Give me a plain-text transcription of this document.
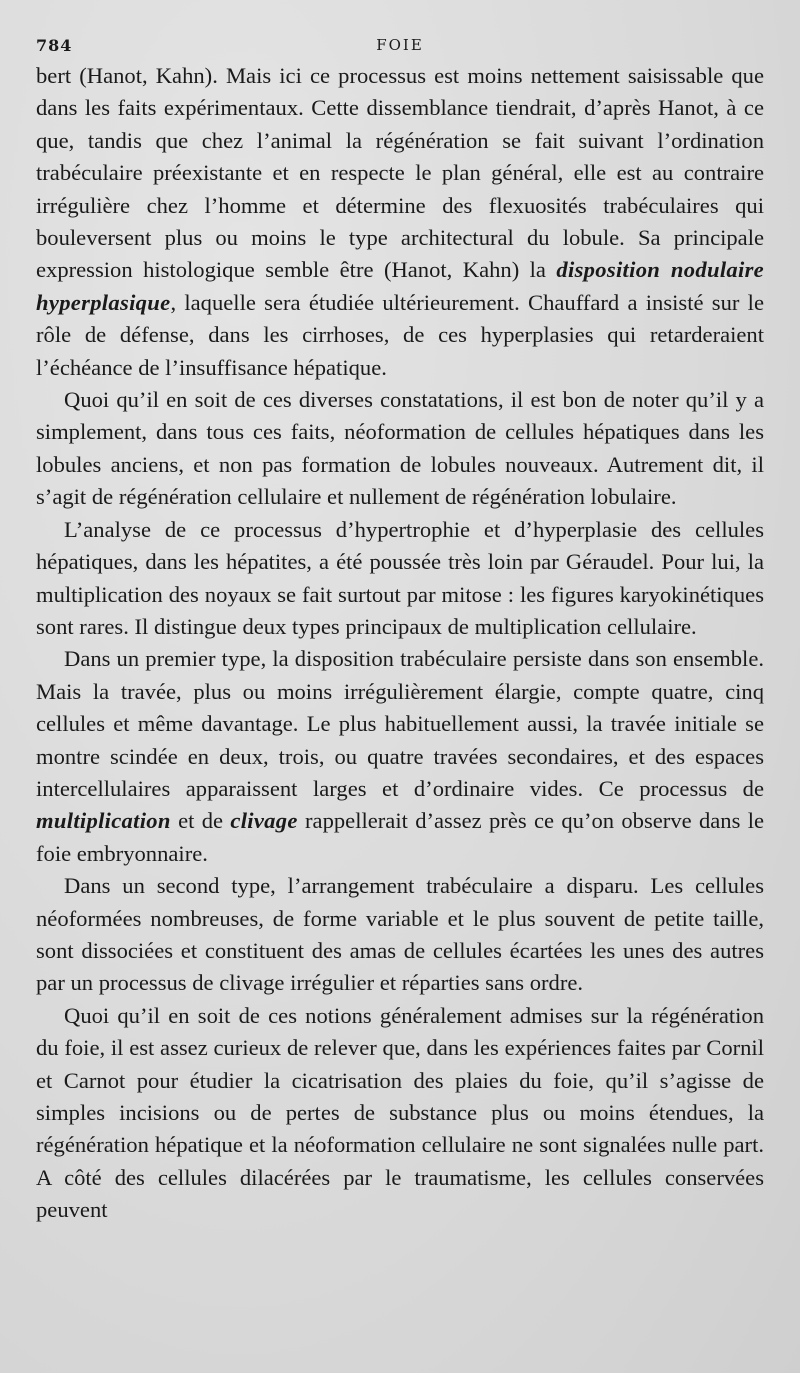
784	FOIE

bert (Hanot, Kahn). Mais ici ce processus est moins nettement saisissable que dans les faits expérimentaux. Cette dissemblance tiendrait, d’après Hanot, à ce que, tandis que chez l’animal la régénération se fait suivant l’ordination trabéculaire préexistante et en respecte le plan général, elle est au contraire irrégulière chez l’homme et détermine des flexuosités trabéculaires qui bouleversent plus ou moins le type architectural du lobule. Sa principale expression histologique semble être (Hanot, Kahn) la disposition nodulaire hyperplasique, laquelle sera étudiée ultérieurement. Chauffard a insisté sur le rôle de défense, dans les cirrhoses, de ces hyperplasies qui retarderaient l’échéance de l’insuffisance hépatique.

Quoi qu’il en soit de ces diverses constatations, il est bon de noter qu’il y a simplement, dans tous ces faits, néoformation de cellules hépatiques dans les lobules anciens, et non pas formation de lobules nouveaux. Autrement dit, il s’agit de régénération cellulaire et nullement de régénération lobulaire.

L’analyse de ce processus d’hypertrophie et d’hyperplasie des cellules hépatiques, dans les hépatites, a été poussée très loin par Géraudel. Pour lui, la multiplication des noyaux se fait surtout par mitose : les figures karyokinétiques sont rares. Il distingue deux types principaux de multiplication cellulaire.

Dans un premier type, la disposition trabéculaire persiste dans son ensemble. Mais la travée, plus ou moins irrégulièrement élargie, compte quatre, cinq cellules et même davantage. Le plus habituellement aussi, la travée initiale se montre scindée en deux, trois, ou quatre travées secondaires, et des espaces intercellulaires apparaissent larges et d’ordinaire vides. Ce processus de multiplication et de clivage rappellerait d’assez près ce qu’on observe dans le foie embryonnaire.

Dans un second type, l’arrangement trabéculaire a disparu. Les cellules néoformées nombreuses, de forme variable et le plus souvent de petite taille, sont dissociées et constituent des amas de cellules écartées les unes des autres par un processus de clivage irrégulier et réparties sans ordre.

Quoi qu’il en soit de ces notions généralement admises sur la régénération du foie, il est assez curieux de relever que, dans les expériences faites par Cornil et Carnot pour étudier la cicatrisation des plaies du foie, qu’il s’agisse de simples incisions ou de pertes de substance plus ou moins étendues, la régénération hépatique et la néoformation cellulaire ne sont signalées nulle part. A côté des cellules dilacérées par le traumatisme, les cellules conservées peuvent
